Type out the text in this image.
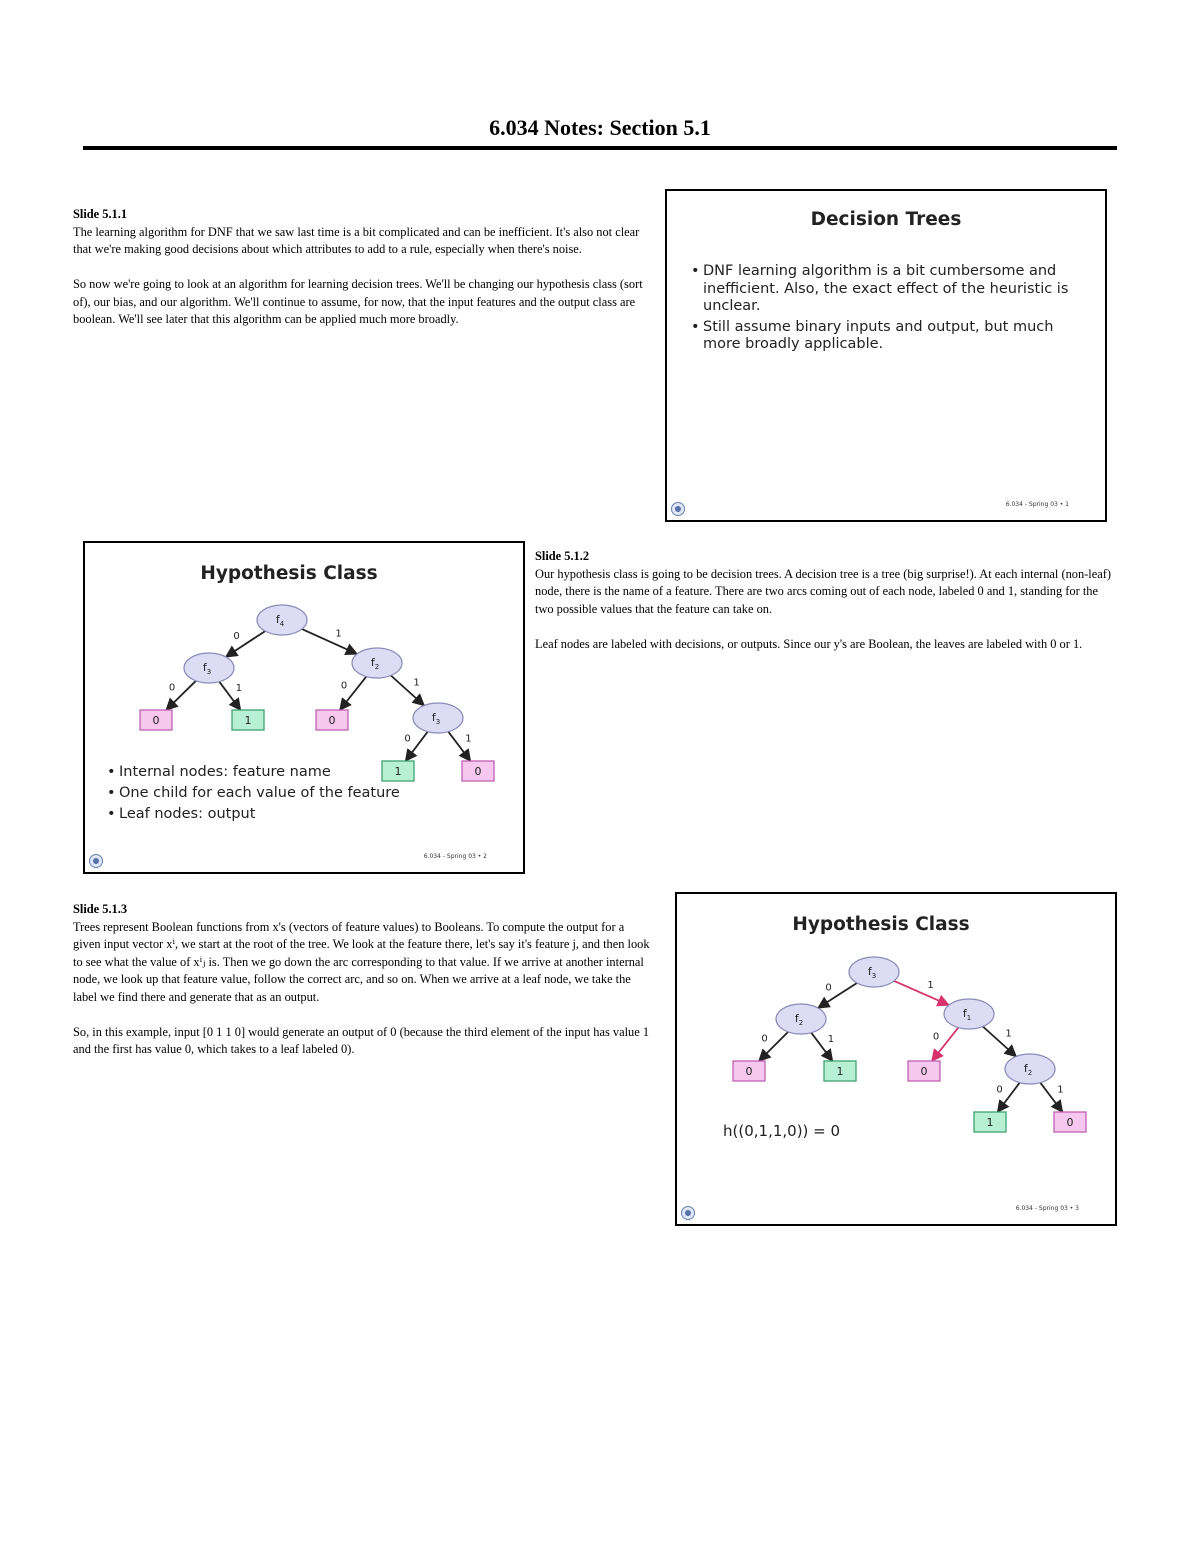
6.034 Notes: Section 5.1
Slide 5.1.1

The learning algorithm for DNF that we saw last time is a bit complicated and can be inefficient. It's also not clear that we're making good decisions about which attributes to add to a rule, especially when there's noise.

So now we're going to look at an algorithm for learning decision trees. We'll be changing our hypothesis class (sort of), our bias, and our algorithm. We'll continue to assume, for now, that the input features and the output class are boolean. We'll see later that this algorithm can be applied much more broadly.

Decision Trees
• DNF learning algorithm is a bit cumbersome and inefficient. Also, the exact effect of the heuristic is unclear.
• Still assume binary inputs and output, but much more broadly applicable.
6.034 - Spring 03 • 1
Hypothesis Class
0	1
0	1	0	1
0	1
$f_4$
$f_3$
$f_2$
0	1	0	$f_3$
1	0
• Internal nodes: feature name
• One child for each value of the feature
• Leaf nodes: output
6.034 - Spring 03 • 2
Slide 5.1.2

Our hypothesis class is going to be decision trees. A decision tree is a tree (big surprise!). At each internal (non-leaf) node, there is the name of a feature. There are two arcs coming out of each node, labeled 0 and 1, standing for the two possible values that the feature can take on.

Leaf nodes are labeled with decisions, or outputs. Since our y's are Boolean, the leaves are labeled with 0 or 1.

Slide 5.1.3

Trees represent Boolean functions from x's (vectors of feature values) to Booleans. To compute the output for a given input vector xⁱ, we start at the root of the tree. We look at the feature there, let's say it's feature j, and then look to see what the value of xⁱⱼ is. Then we go down the arc corresponding to that value. If we arrive at another internal node, we look up that feature value, follow the correct arc, and so on. When we arrive at a leaf node, we take the label we find there and generate that as an output.

So, in this example, input [0 1 1 0] would generate an output of 0 (because the third element of the input has value 1 and the first has value 0, which takes to a leaf labeled 0).

Hypothesis Class
0	1
0	1	0	1
0	1
$f_3$
$f_2$
$f_1$
0	1	0	$f_2$
1	0
h((0,1,1,0)) = 0
6.034 - Spring 03 • 3
